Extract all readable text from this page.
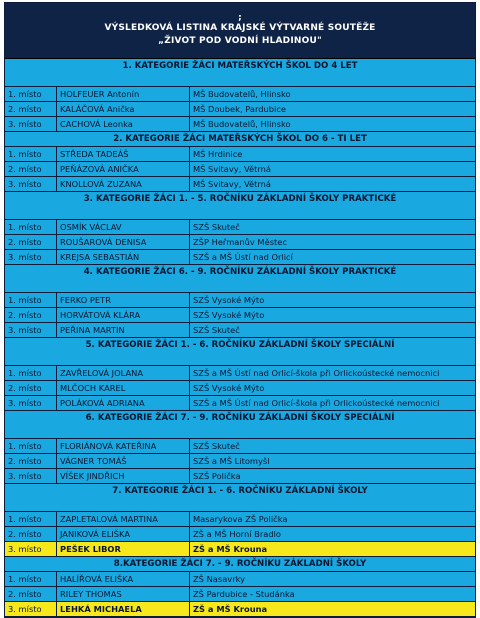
;
VÝSLEDKOVÁ LISTINA KRAJSKÉ VÝTVARNÉ SOUTĚŽE
„ŽIVOT POD VODNÍ HLADINOU"
1. KATEGORIE ŽÁCI MATEŘSKÝCH ŠKOL DO 4 LET
1. místo	HOLFEUER Antonín	MŠ Budovatelů, Hlinsko
2. místo	KALÁČOVÁ Anička	MŠ Doubek, Pardubice
3. místo	CACHOVÁ Leonka	MŠ Budovatelů, Hlinsko
2. KATEGORIE ŽÁCI MATEŘSKÝCH ŠKOL DO 6 - TI LET
1. místo	STŘEDA TADEÁŠ	MŠ Hrdinice
2. místo	PEŇÁZOVÁ ANIČKA	MŠ Svitavy, Větrná
3. místo	KNOLLOVÁ ZUZANA	MŠ Svitavy, Větrná
3. KATEGORIE ŽÁCI 1. - 5. ROČNÍKU ZÁKLADNÍ ŠKOLY PRAKTICKÉ
1. místo	OSMÍK VÁCLAV	SZŠ Skuteč
2. místo	ROUŠAROVÁ DENISA	ZŠP Heřmanův Městec
3. místo	KREJSA SEBASTIÁN	SZŠ a MŠ Ústí nad Orlicí
4. KATEGORIE ŽÁCI 6. - 9. ROČNÍKU ZÁKLADNÍ ŠKOLY PRAKTICKÉ
1. místo	FERKO PETR	SZŠ Vysoké Mýto
2. místo	HORVÁTOVÁ KLÁRA	SZŠ Vysoké Mýto
3. místo	PEŘINA MARTIN	SZŠ Skuteč
5. KATEGORIE ŽÁCI 1. - 6. ROČNÍKU ZÁKLADNÍ ŠKOLY SPECIÁLNÍ
1. místo	ZAVŘELOVÁ JOLANA	SZŠ a MŠ Ústí nad Orlicí-škola při Orlickoústecké nemocnici
2. místo	MLČOCH KAREL	SZŠ Vysoké Mýto
3. místo	POLÁKOVÁ ADRIANA	SZŠ a MŠ Ústí nad Orlicí-škola při Orlickoústecké nemocnici
6. KATEGORIE ŽÁCI 7. - 9. ROČNÍKU ZÁKLADNÍ ŠKOLY SPECIÁLNÍ
1. místo	FLORIÁNOVÁ KATEŘINA	SZŠ Skuteč
2. místo	VÁGNER TOMÁŠ	SZŠ a MŠ Litomyšl
3. místo	VÍŠEK JINDŘICH	SZŠ Polička
7. KATEGORIE ŽÁCI 1. - 6. ROČNÍKU ZÁKLADNÍ ŠKOLY
1. místo	ZAPLETALOVÁ MARTINA	Masarykova ZŠ Polička
2. místo	JANIKOVÁ ELIŠKA	ZŠ a MŠ Horní Bradlo
3. místo	PEŠEK LIBOR	ZŠ a MŠ Krouna
8.KATEGORIE ŽÁCI 7. - 9. ROČNÍKU ZÁKLADNÍ ŠKOLY
1. místo	HALÍŘOVÁ ELIŠKA	ZŠ Nasavrky
2. místo	RILEY THOMAS	ZŠ Pardubice - Studánka
3. místo	LEHKÁ MICHAELA	ZŠ a MŠ Krouna
